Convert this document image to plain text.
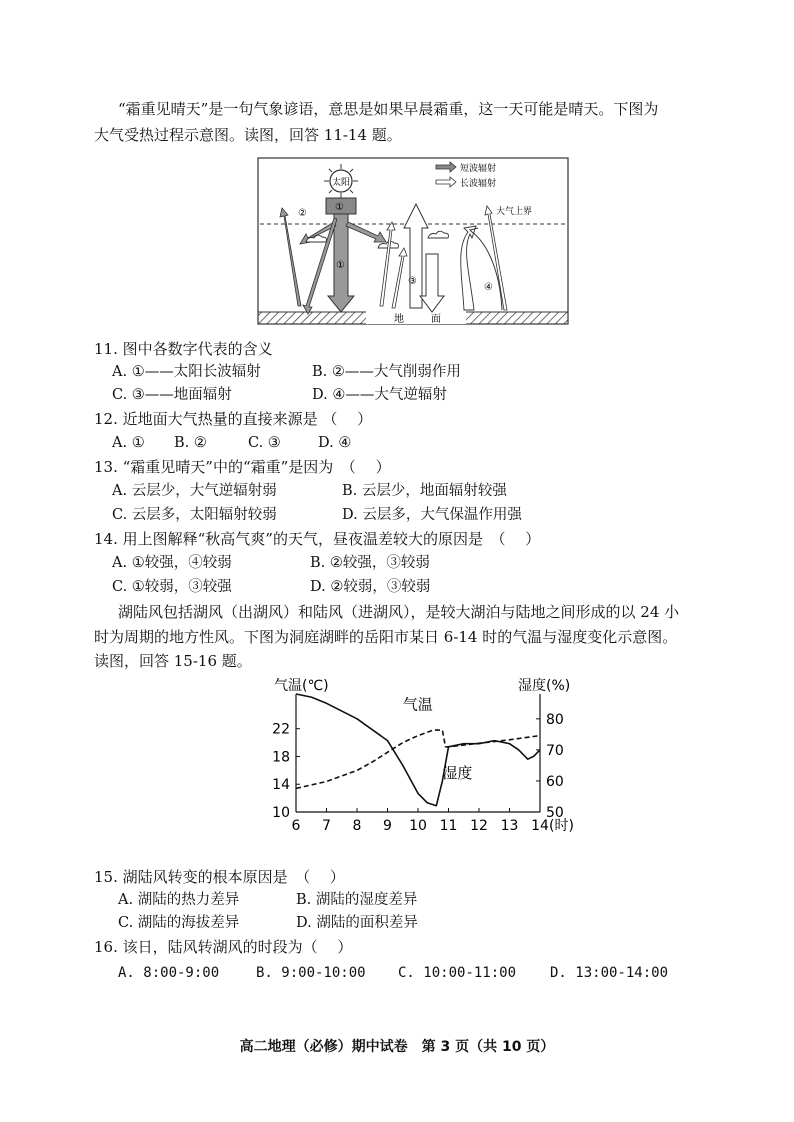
“霜重见晴天”是一句气象谚语，意思是如果早晨霜重，这一天可能是晴天。下图为
大气受热过程示意图。读图，回答 11-14 题。
地	面
大气上界
短波辐射
长波辐射
太阳
①
①
②
③
④
11. 图中各数字代表的含义
A. ①——太阳长波辐射	B. ②——大气削弱作用
C. ③——地面辐射	D. ④——大气逆辐射
12. 近地面大气热量的直接来源是 （　 ）
A. ① B. ②	C. ③	D. ④
13. “霜重见晴天”中的“霜重”是因为　（　 ）
A. 云层少，大气逆辐射弱	B. 云层少，地面辐射较强
C. 云层多，太阳辐射较弱	D. 云层多，大气保温作用强
14. 用上图解释“秋高气爽”的天气，昼夜温差较大的原因是　（　 ）
A. ①较强，④较弱	B. ②较强，③较弱
C. ①较弱，③较强	D. ②较弱，③较弱
湖陆风包括湖风（出湖风）和陆风（进湖风），是较大湖泊与陆地之间形成的以 24 小
时为周期的地方性风。下图为洞庭湖畔的岳阳市某日 6-14 时的气温与湿度变化示意图。
读图，回答 15-16 题。
气温(℃)	湿度(%)
6 7 8 9 10 11 12 13 14 (时)
10
14
18
22
50
60
70
80
气温
湿度
15. 湖陆风转变的根本原因是　（　 ）
A. 湖陆的热力差异	B. 湖陆的湿度差异
C. 湖陆的海拔差异	D. 湖陆的面积差异
16. 该日，陆风转湖风的时段为（　 ）
A. 8:00-9:00	B. 9:00-10:00 C. 10:00-11:00 D. 13:00-14:00
高二地理（必修）期中试卷　第 3 页（共 10 页）
